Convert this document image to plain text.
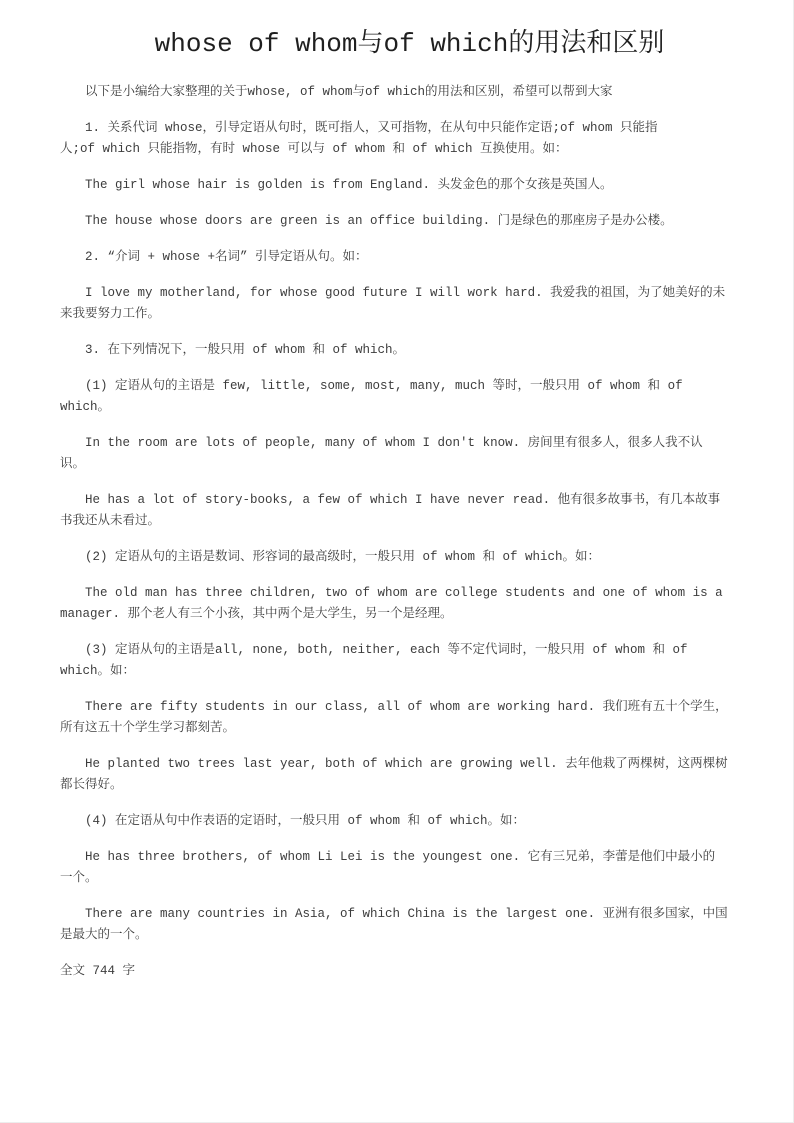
whose of whom与of which的用法和区别

以下是小编给大家整理的关于whose, of whom与of which的用法和区别，希望可以帮到大家

1. 关系代词 whose，引导定语从句时，既可指人，又可指物，在从句中只能作定语;of whom 只能指
人;of which 只能指物，有时 whose 可以与 of whom 和 of which 互换使用。如：

The girl whose hair is golden is from England. 头发金色的那个女孩是英国人。

The house whose doors are green is an office building. 门是绿色的那座房子是办公楼。

2. “介词 + whose +名词” 引导定语从句。如：

I love my motherland, for whose good future I will work hard. 我爱我的祖国，为了她美好的未
来我要努力工作。

3. 在下列情况下，一般只用 of whom 和 of which。

(1) 定语从句的主语是 few, little, some, most, many, much 等时，一般只用 of whom 和 of
which。

In the room are lots of people, many of whom I don't know. 房间里有很多人，很多人我不认
识。

He has a lot of story-books, a few of which I have never read. 他有很多故事书，有几本故事
书我还从未看过。

(2) 定语从句的主语是数词、形容词的最高级时，一般只用 of whom 和 of which。如：

The old man has three children, two of whom are college students and one of whom is a
manager. 那个老人有三个小孩，其中两个是大学生，另一个是经理。

(3) 定语从句的主语是all, none, both, neither, each 等不定代词时，一般只用 of whom 和 of
which。如：

There are fifty students in our class, all of whom are working hard. 我们班有五十个学生，
所有这五十个学生学习都刻苦。

He planted two trees last year, both of which are growing well. 去年他栽了两棵树，这两棵树
都长得好。

(4) 在定语从句中作表语的定语时，一般只用 of whom 和 of which。如：

He has three brothers, of whom Li Lei is the youngest one. 它有三兄弟，李蕾是他们中最小的
一个。

There are many countries in Asia, of which China is the largest one. 亚洲有很多国家，中国
是最大的一个。

全文 744 字
